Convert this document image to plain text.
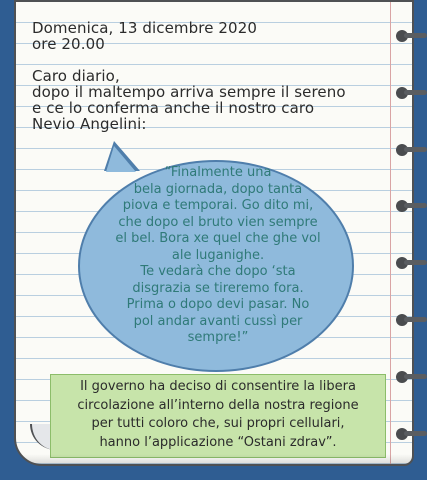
Domenica, 13 dicembre 2020
ore 20.00
Caro diario,
dopo il maltempo arriva sempre il sereno
e ce lo conferma anche il nostro caro
Nevio Angelini:
“Finalmente una
bela giornada, dopo tanta
piova e temporai. Go dito mi,
che dopo el bruto vien sempre
el bel. Bora xe quel che ghe vol
ale luganighe.
Te vedarà che dopo ‘sta
disgrazia se tireremo fora.
Prima o dopo devi pasar. No
pol andar avanti cussì per
sempre!”
Il governo ha deciso di consentire la libera
circolazione all’interno della nostra regione
per tutti coloro che, sui propri cellulari,
hanno l’applicazione “Ostani zdrav”.
